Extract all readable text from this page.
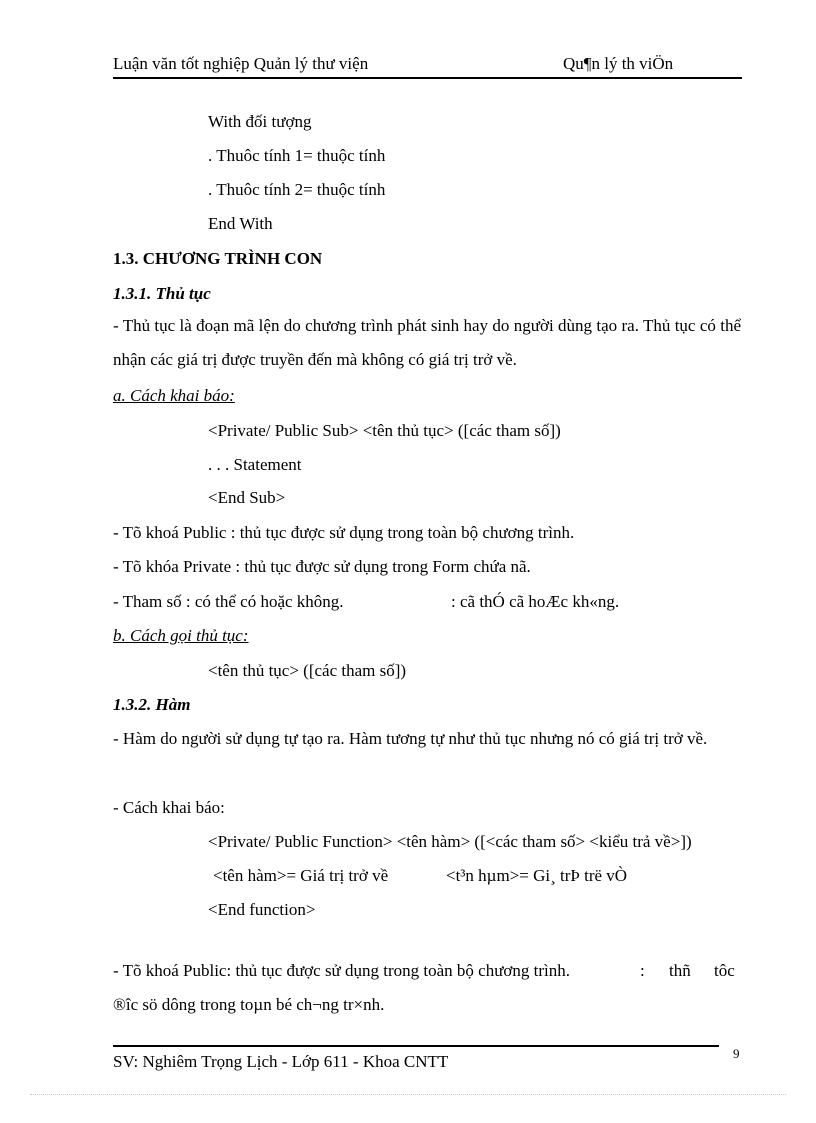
Luận văn tốt nghiệp Quản lý thư viện	Qu¶n lý th viÖn
With đối tượng
. Thuôc tính 1= thuộc tính
. Thuôc tính 2= thuộc tính
End With
1.3. CHƯƠNG TRÌNH CON
1.3.1. Thủ tục
- Thủ tục là đoạn mã lện do chương trình phát sinh hay do người dùng tạo ra. Thủ tục có thể nhận các giá trị được truyền đến mà không có giá trị trở về.
a. Cách khai báo:
<Private/ Public Sub> <tên thủ tục> ([các tham số])
. . . Statement
<End Sub>
- Tõ khoá Public : thủ tục được sử dụng trong toàn bộ chương trình.
- Tõ khóa Private : thủ tục được sử dụng trong Form chứa nã.
- Tham số : có thể có hoặc không.	: cã thÓ cã hoÆc kh«ng.
b. Cách gọi thủ tục:
<tên thủ tục> ([các tham số])
1.3.2. Hàm
- Hàm do người sử dụng tự tạo ra. Hàm tương tự như thủ tục nhưng nó có giá trị trở về.
- Cách khai báo:
<Private/ Public Function> <tên hàm> ([<các tham số> <kiểu trả về>])
<tên hàm>= Giá trị trở về	<t³n hµm>= Gi¸ trÞ trë vÒ
<End function>
- Tõ khoá Public: thủ tục được sử dụng trong toàn bộ chương trình.	: thñ tôc
®îc sö dông trong toµn bé ch¬ng tr×nh.
SV: Nghiêm Trọng Lịch - Lớp 611 - Khoa CNTT	9
